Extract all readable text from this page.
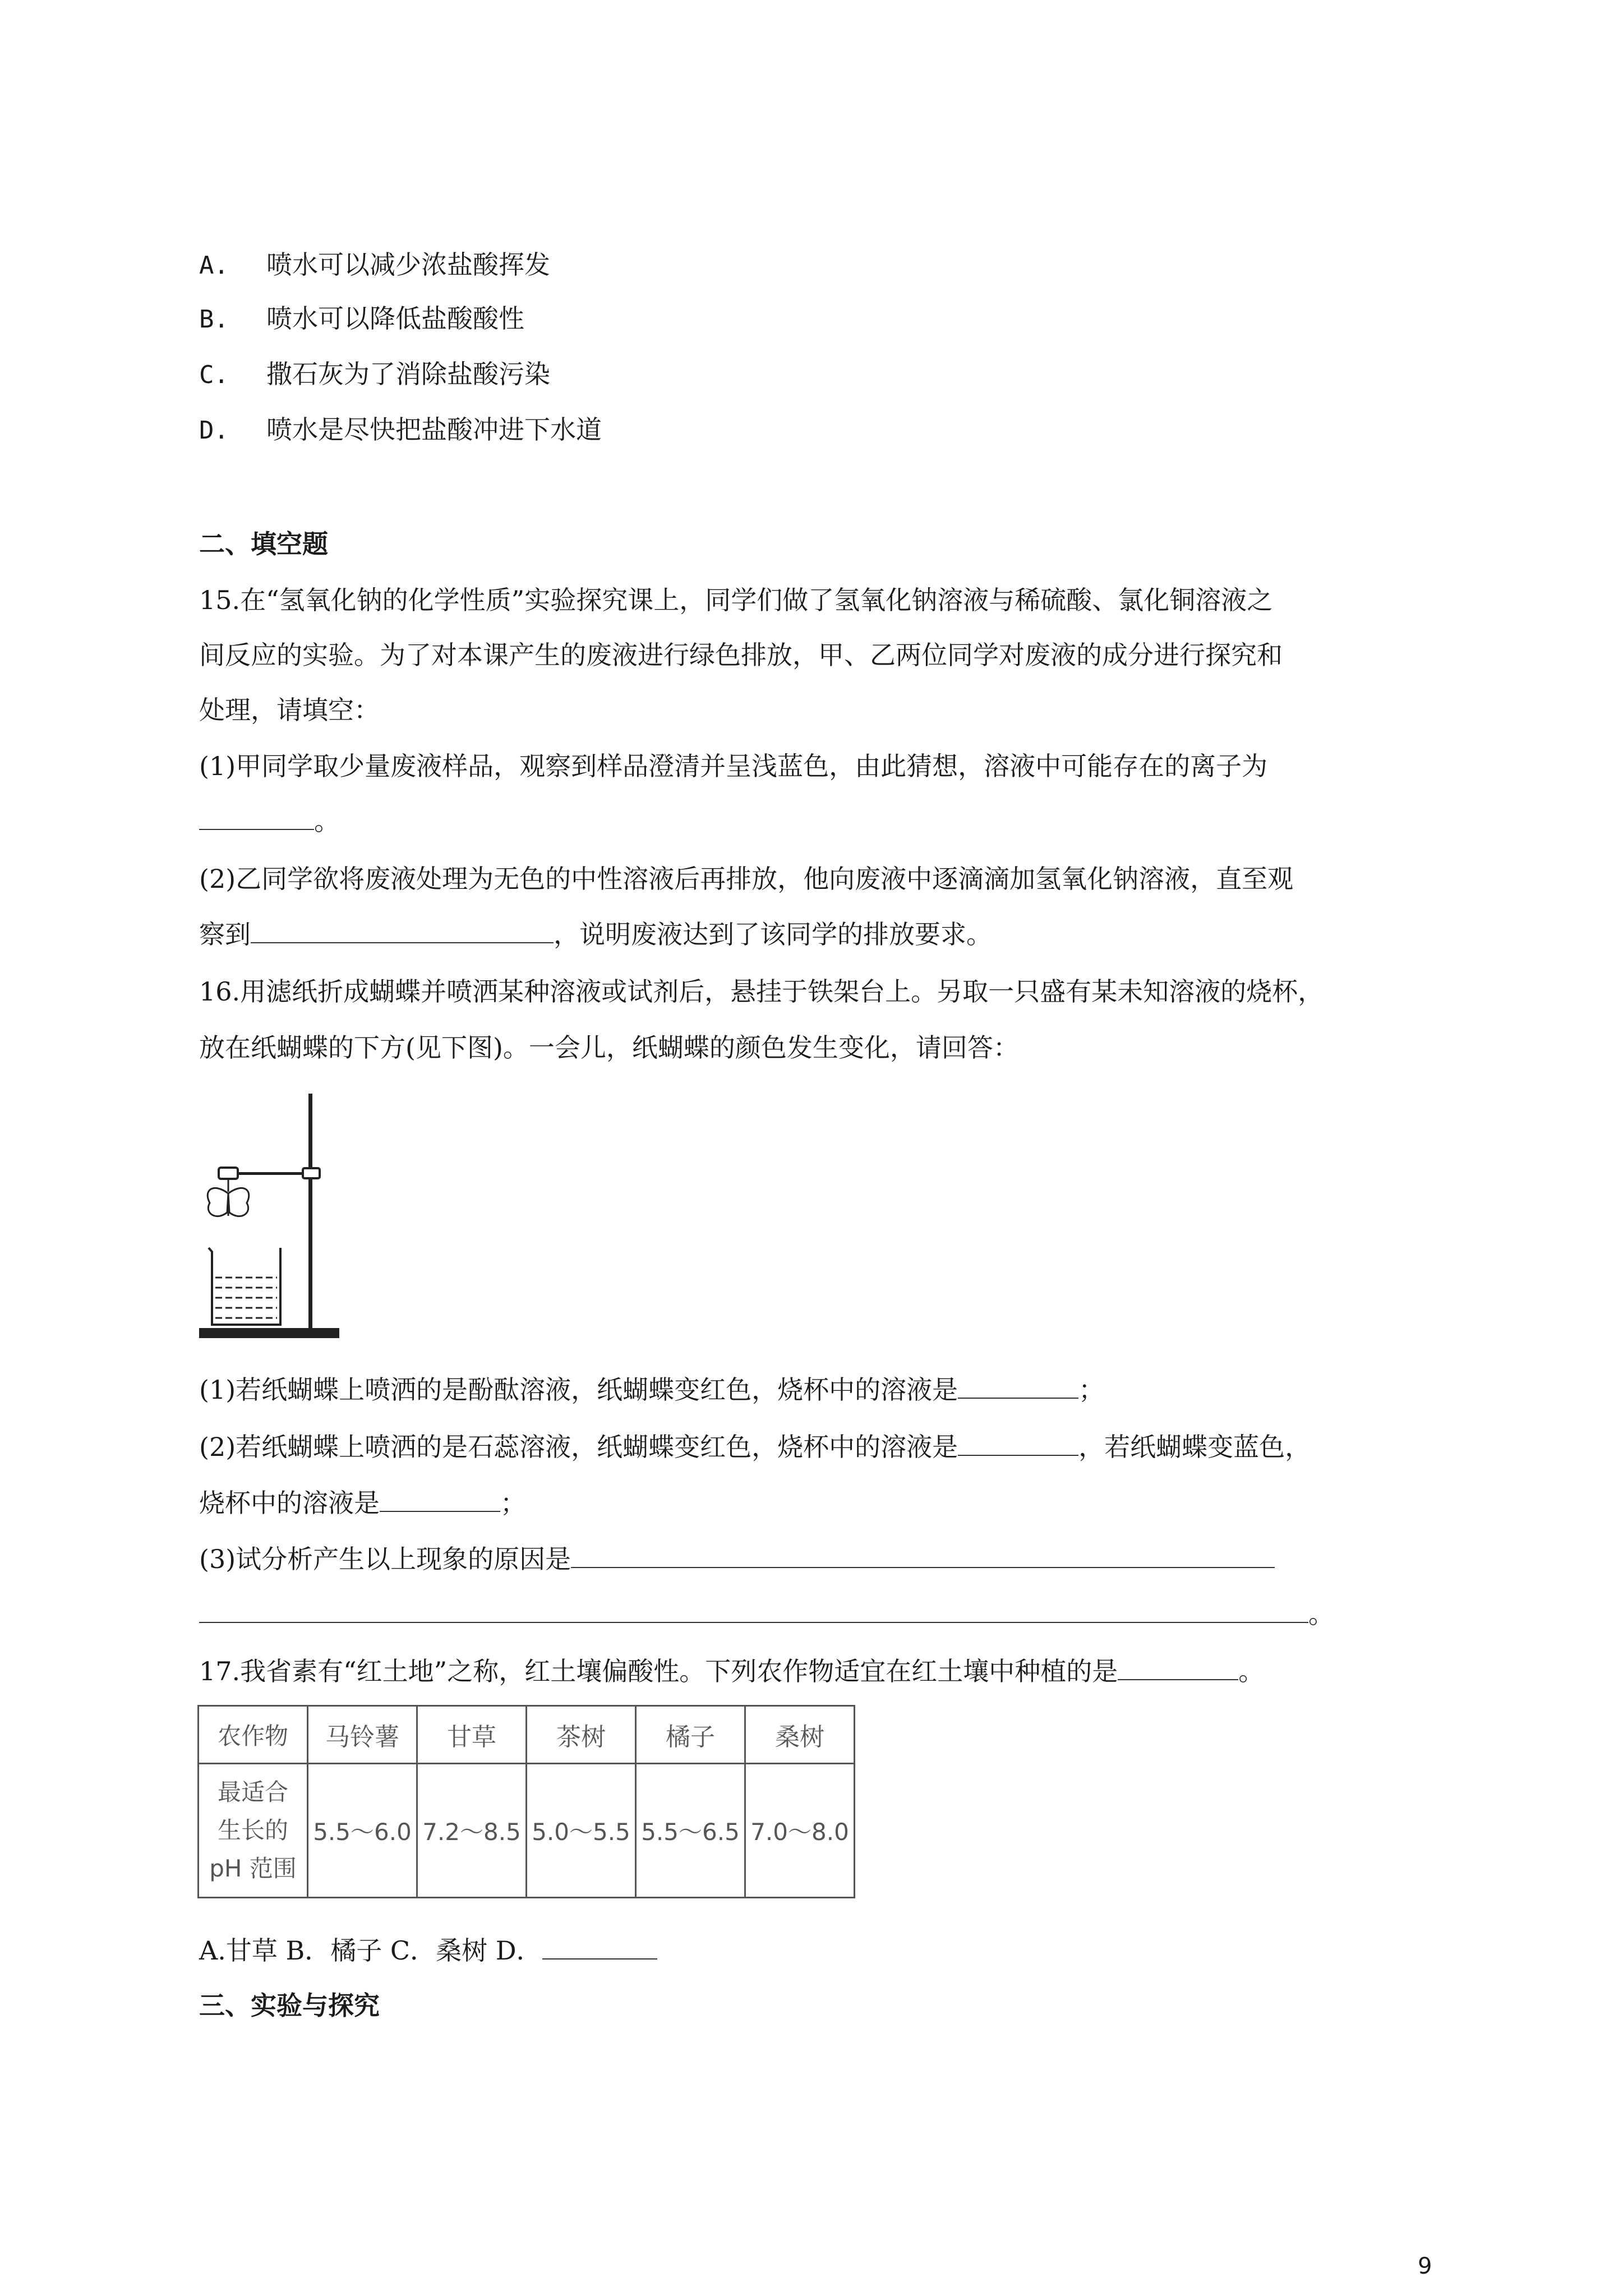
A. 喷水可以减少浓盐酸挥发
B. 喷水可以降低盐酸酸性
C. 撒石灰为了消除盐酸污染
D. 喷水是尽快把盐酸冲进下水道
二、填空题
15.在“氢氧化钠的化学性质”实验探究课上，同学们做了氢氧化钠溶液与稀硫酸、氯化铜溶液之
间反应的实验。为了对本课产生的废液进行绿色排放，甲、乙两位同学对废液的成分进行探究和
处理，请填空：
(1)甲同学取少量废液样品，观察到样品澄清并呈浅蓝色，由此猜想，溶液中可能存在的离子为
。
(2)乙同学欲将废液处理为无色的中性溶液后再排放，他向废液中逐滴滴加氢氧化钠溶液，直至观
察到	，说明废液达到了该同学的排放要求。
16.用滤纸折成蝴蝶并喷洒某种溶液或试剂后，悬挂于铁架台上。另取一只盛有某未知溶液的烧杯，
放在纸蝴蝶的下方(见下图)。一会儿，纸蝴蝶的颜色发生变化，请回答：
(1)若纸蝴蝶上喷洒的是酚酞溶液，纸蝴蝶变红色，烧杯中的溶液是	；
(2)若纸蝴蝶上喷洒的是石蕊溶液，纸蝴蝶变红色，烧杯中的溶液是	，若纸蝴蝶变蓝色，
烧杯中的溶液是	；
(3)试分析产生以上现象的原因是
。
17.我省素有“红土地”之称，红土壤偏酸性。下列农作物适宜在红土壤中种植的是	。
农作物	马铃薯	甘草	茶树	橘子	桑树

最适合
生长的
pH 范围	5.5～6.0	7.2～8.5	5.0～5.5	5.5～6.5	7.0～8.0
A.甘草 B．橘子 C．桑树 D．
三、实验与探究
9
